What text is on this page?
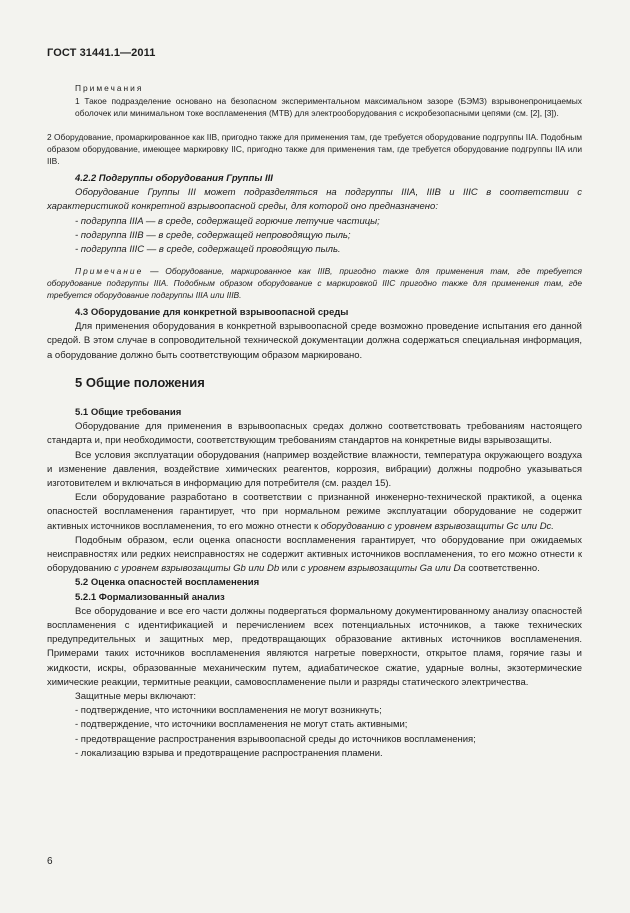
ГОСТ 31441.1—2011
Примечания

1 Такое подразделение основано на безопасном экспериментальном максимальном зазоре (БЭМЗ) взрывонепроницаемых оболочек или минимальном токе воспламенения (МТВ) для электрооборудования с искробезопасными цепями (см. [2], [3]).

2 Оборудование, промаркированное как IIB, пригодно также для применения там, где требуется оборудование подгруппы IIA. Подобным образом оборудование, имеющее маркировку IIC, пригодно также для применения там, где требуется оборудование подгруппы IIA или IIB.

4.2.2 Подгруппы оборудования Группы III

Оборудование Группы III может подразделяться на подгруппы IIIA, IIIB и IIIC в соответствии с характеристикой конкретной взрывоопасной среды, для которой оно предназначено:

- подгруппа IIIA — в среде, содержащей горючие летучие частицы;
- подгруппа IIIB — в среде, содержащей непроводящую пыль;
- подгруппа IIIC — в среде, содержащей проводящую пыль.

Примечание — Оборудование, маркированное как IIIB, пригодно также для применения там, где требуется оборудование подгруппы IIIA. Подобным образом оборудование с маркировкой IIIC пригодно также для применения там, где требуется оборудование подгруппы IIIA или IIIB.

4.3 Оборудование для конкретной взрывоопасной среды

Для применения оборудования в конкретной взрывоопасной среде возможно проведение испытания его данной средой. В этом случае в сопроводительной технической документации должна содержаться специальная информация, а оборудование должно быть соответствующим образом маркировано.

5 Общие положения
5.1 Общие требования

Оборудование для применения в взрывоопасных средах должно соответствовать требованиям настоящего стандарта и, при необходимости, соответствующим требованиям стандартов на конкретные виды взрывозащиты.

Все условия эксплуатации оборудования (например воздействие влажности, температура окружающего воздуха и изменение давления, воздействие химических реагентов, коррозия, вибрации) должны подробно указываться изготовителем и включаться в информацию для потребителя (см. раздел 15).

Если оборудование разработано в соответствии с признанной инженерно-технической практикой, а оценка опасностей воспламенения гарантирует, что при нормальном режиме эксплуатации оборудование не содержит активных источников воспламенения, то его можно отнести к оборудованию с уровнем взрывозащиты Gc или Dc.

Подобным образом, если оценка опасности воспламенения гарантирует, что оборудование при ожидаемых неисправностях или редких неисправностях не содержит активных источников воспламенения, то его можно отнести к оборудованию с уровнем взрывозащиты Gb или Db или с уровнем взрывозащиты Ga или Da соответственно.

5.2 Оценка опасностей воспламенения
5.2.1 Формализованный анализ

Все оборудование и все его части должны подвергаться формальному документированному анализу опасностей воспламенения с идентификацией и перечислением всех потенциальных источников, а также технических предупредительных и защитных мер, предотвращающих образование активных источников воспламенения. Примерами таких источников воспламенения являются нагретые поверхности, открытое пламя, горячие газы и жидкости, искры, образованные механическим путем, адиабатическое сжатие, ударные волны, экзотермические химические реакции, термитные реакции, самовоспламенение пыли и разряды статического электричества.

Защитные меры включают:
- подтверждение, что источники воспламенения не могут возникнуть;
- подтверждение, что источники воспламенения не могут стать активными;
- предотвращение распространения взрывоопасной среды до источников воспламенения;
- локализацию взрыва и предотвращение распространения пламени.
6
